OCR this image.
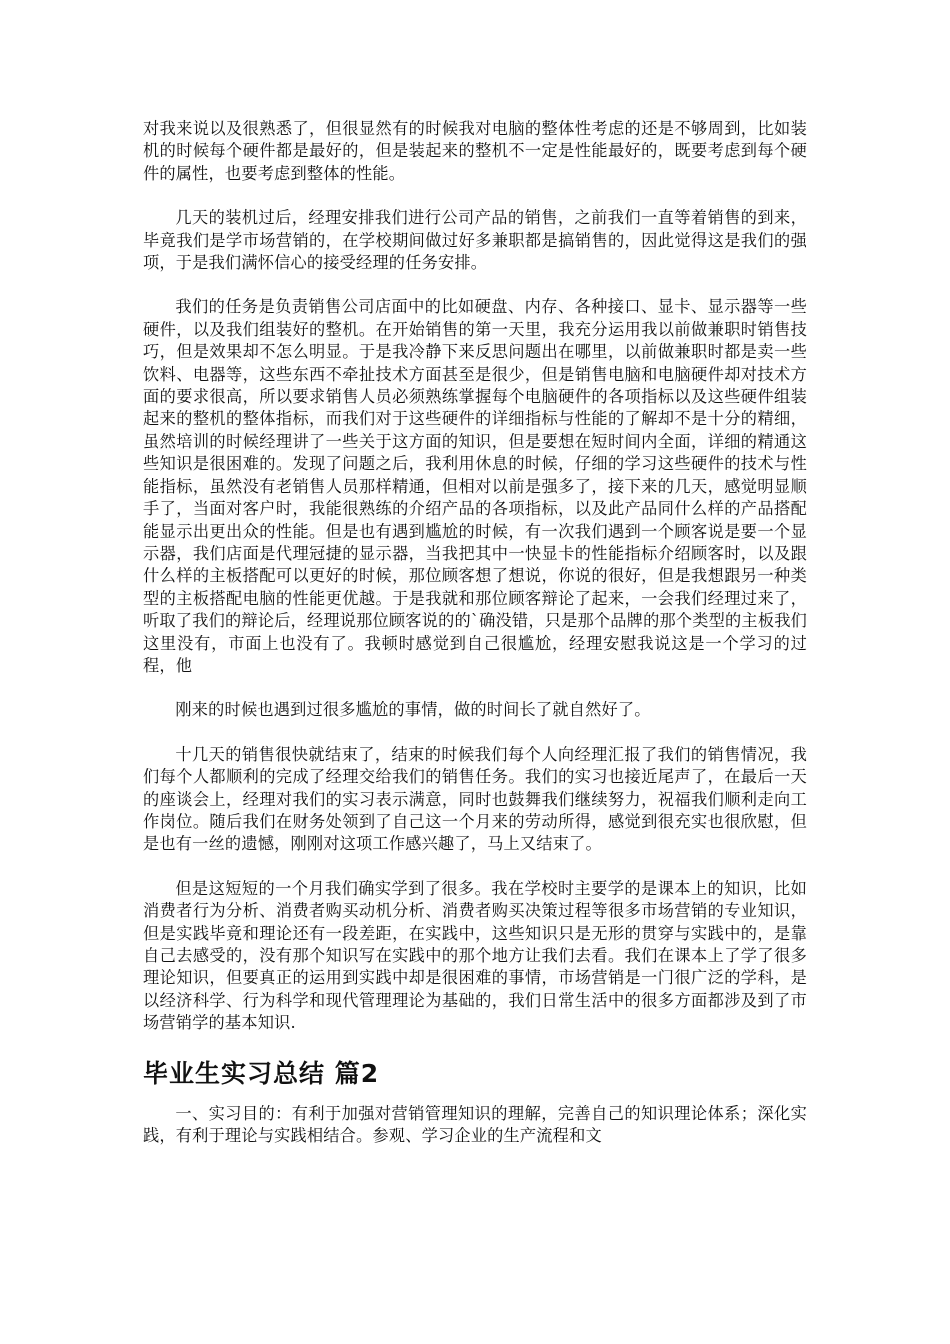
对我来说以及很熟悉了，但很显然有的时候我对电脑的整体性考虑的还是不够周到，比如装机的时候每个硬件都是最好的，但是装起来的整机不一定是性能最好的，既要考虑到每个硬件的属性，也要考虑到整体的性能。

几天的装机过后，经理安排我们进行公司产品的销售，之前我们一直等着销售的到来，毕竟我们是学市场营销的，在学校期间做过好多兼职都是搞销售的，因此觉得这是我们的强项，于是我们满怀信心的接受经理的任务安排。

我们的任务是负责销售公司店面中的比如硬盘、内存、各种接口、显卡、显示器等一些硬件，以及我们组装好的整机。在开始销售的第一天里，我充分运用我以前做兼职时销售技巧，但是效果却不怎么明显。于是我冷静下来反思问题出在哪里，以前做兼职时都是卖一些饮料、电器等，这些东西不牵扯技术方面甚至是很少，但是销售电脑和电脑硬件却对技术方面的要求很高，所以要求销售人员必须熟练掌握每个电脑硬件的各项指标以及这些硬件组装起来的整机的整体指标，而我们对于这些硬件的详细指标与性能的了解却不是十分的精细，虽然培训的时候经理讲了一些关于这方面的知识，但是要想在短时间内全面，详细的精通这些知识是很困难的。发现了问题之后，我利用休息的时候，仔细的学习这些硬件的技术与性能指标，虽然没有老销售人员那样精通，但相对以前是强多了，接下来的几天，感觉明显顺手了，当面对客户时，我能很熟练的介绍产品的各项指标，以及此产品同什么样的产品搭配能显示出更出众的性能。但是也有遇到尴尬的时候，有一次我们遇到一个顾客说是要一个显示器，我们店面是代理冠捷的显示器，当我把其中一快显卡的性能指标介绍顾客时，以及跟什么样的主板搭配可以更好的时候，那位顾客想了想说，你说的很好，但是我想跟另一种类型的主板搭配电脑的性能更优越。于是我就和那位顾客辩论了起来，一会我们经理过来了，听取了我们的辩论后，经理说那位顾客说的的`确没错，只是那个品牌的那个类型的主板我们这里没有，市面上也没有了。我顿时感觉到自己很尴尬，经理安慰我说这是一个学习的过程，他

刚来的时候也遇到过很多尴尬的事情，做的时间长了就自然好了。

十几天的销售很快就结束了，结束的时候我们每个人向经理汇报了我们的销售情况，我们每个人都顺利的完成了经理交给我们的销售任务。我们的实习也接近尾声了，在最后一天的座谈会上，经理对我们的实习表示满意，同时也鼓舞我们继续努力，祝福我们顺利走向工作岗位。随后我们在财务处领到了自己这一个月来的劳动所得，感觉到很充实也很欣慰，但是也有一丝的遗憾，刚刚对这项工作感兴趣了，马上又结束了。

但是这短短的一个月我们确实学到了很多。我在学校时主要学的是课本上的知识，比如消费者行为分析、消费者购买动机分析、消费者购买决策过程等很多市场营销的专业知识，但是实践毕竟和理论还有一段差距，在实践中，这些知识只是无形的贯穿与实践中的，是靠自己去感受的，没有那个知识写在实践中的那个地方让我们去看。我们在课本上了学了很多理论知识，但要真正的运用到实践中却是很困难的事情，市场营销是一门很广泛的学科，是以经济科学、行为科学和现代管理理论为基础的，我们日常生活中的很多方面都涉及到了市场营销学的基本知识.

毕业生实习总结 篇2

一、实习目的：有利于加强对营销管理知识的理解，完善自己的知识理论体系；深化实践，有利于理论与实践相结合。参观、学习企业的生产流程和文
